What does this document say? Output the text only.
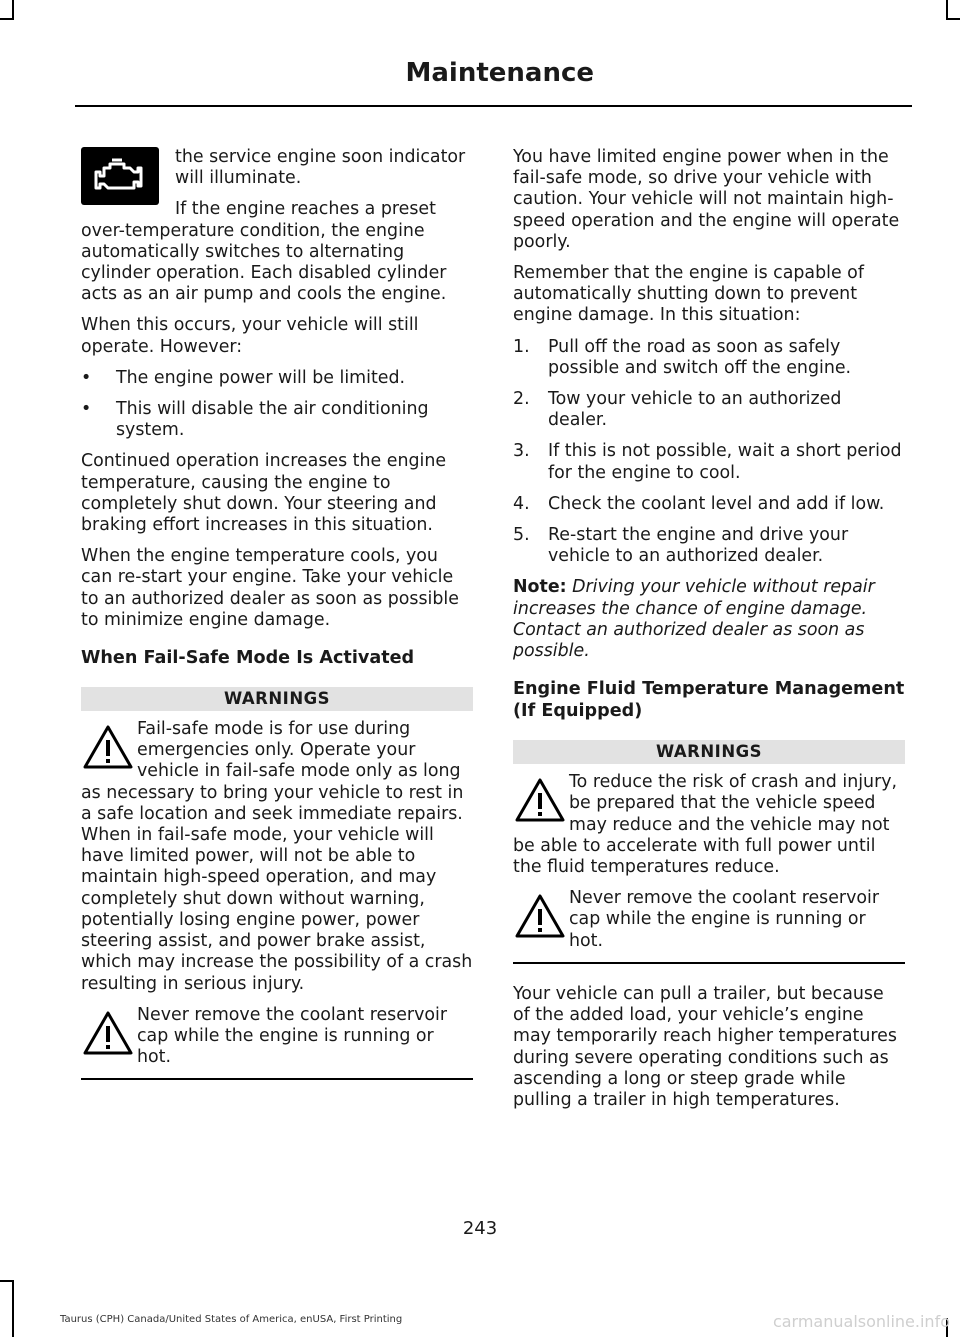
Maintenance

the service engine soon indicator will illuminate.

If the engine reaches a preset over-temperature condition, the engine automatically switches to alternating cylinder operation. Each disabled cylinder acts as an air pump and cools the engine.

When this occurs, your vehicle will still operate. However:

•	The engine power will be limited.
•	This will disable the air conditioning system.

Continued operation increases the engine temperature, causing the engine to completely shut down. Your steering and braking effort increases in this situation.

When the engine temperature cools, you can re-start your engine. Take your vehicle to an authorized dealer as soon as possible to minimize engine damage.

When Fail-Safe Mode Is Activated
WARNINGS
Fail-safe mode is for use during emergencies only. Operate your vehicle in fail-safe mode only as long as necessary to bring your vehicle to rest in a safe location and seek immediate repairs. When in fail-safe mode, your vehicle will have limited power, will not be able to maintain high-speed operation, and may completely shut down without warning, potentially losing engine power, power steering assist, and power brake assist, which may increase the possibility of a crash resulting in serious injury.
Never remove the coolant reservoir cap while the engine is running or hot.

You have limited engine power when in the fail-safe mode, so drive your vehicle with caution. Your vehicle will not maintain high-speed operation and the engine will operate poorly.

Remember that the engine is capable of automatically shutting down to prevent engine damage. In this situation:

1.	Pull off the road as soon as safely possible and switch off the engine.
2.	Tow your vehicle to an authorized dealer.
3.	If this is not possible, wait a short period for the engine to cool.
4.	Check the coolant level and add if low.
5.	Re-start the engine and drive your vehicle to an authorized dealer.

Note: Driving your vehicle without repair increases the chance of engine damage. Contact an authorized dealer as soon as possible.

Engine Fluid Temperature Management (If Equipped)
WARNINGS
To reduce the risk of crash and injury, be prepared that the vehicle speed may reduce and the vehicle may not be able to accelerate with full power until the fluid temperatures reduce.
Never remove the coolant reservoir cap while the engine is running or hot.

Your vehicle can pull a trailer, but because of the added load, your vehicle’s engine may temporarily reach higher temperatures during severe operating conditions such as ascending a long or steep grade while pulling a trailer in high temperatures.

243
Taurus (CPH) Canada/United States of America, enUSA, First Printing	carmanualsonline.info
